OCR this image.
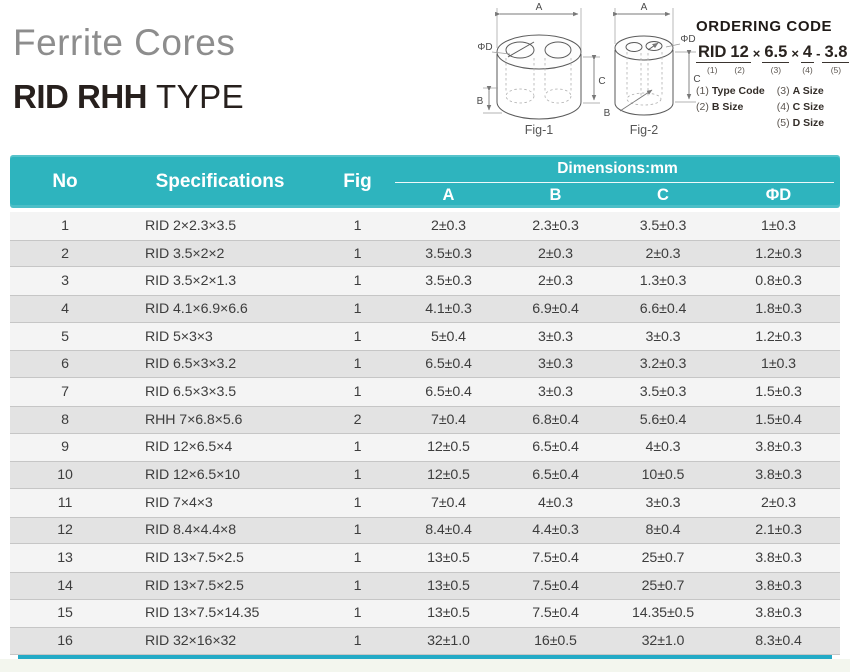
Ferrite Cores
RID RHH TYPE
A
ΦD
C
B
Fig-1
A
B
ΦD
C
Fig-2
ORDERING CODE
RID
(1)
12
(2)
× 6.5
(3)
× 4
(4)
- 3.8
(5)
(1) Type Code
(2) B Size
(3) A Size
(4) C Size
(5) D Size
No	Specifications	Fig
Dimensions:mm
A	B	C	ΦD
1	RID 2×2.3×3.5	1	2±0.3	2.3±0.3	3.5±0.3	1±0.3
2	RID 3.5×2×2	1	3.5±0.3	2±0.3	2±0.3	1.2±0.3
3	RID 3.5×2×1.3	1	3.5±0.3	2±0.3	1.3±0.3	0.8±0.3
4	RID 4.1×6.9×6.6	1	4.1±0.3	6.9±0.4	6.6±0.4	1.8±0.3
5	RID 5×3×3	1	5±0.4	3±0.3	3±0.3	1.2±0.3
6	RID 6.5×3×3.2	1	6.5±0.4	3±0.3	3.2±0.3	1±0.3
7	RID 6.5×3×3.5	1	6.5±0.4	3±0.3	3.5±0.3	1.5±0.3
8	RHH 7×6.8×5.6	2	7±0.4	6.8±0.4	5.6±0.4	1.5±0.4
9	RID 12×6.5×4	1	12±0.5	6.5±0.4	4±0.3	3.8±0.3
10	RID 12×6.5×10	1	12±0.5	6.5±0.4	10±0.5	3.8±0.3
11	RID 7×4×3	1	7±0.4	4±0.3	3±0.3	2±0.3
12	RID 8.4×4.4×8	1	8.4±0.4	4.4±0.3	8±0.4	2.1±0.3
13	RID 13×7.5×2.5	1	13±0.5	7.5±0.4	25±0.7	3.8±0.3
14	RID 13×7.5×2.5	1	13±0.5	7.5±0.4	25±0.7	3.8±0.3
15	RID 13×7.5×14.35	1	13±0.5	7.5±0.4	14.35±0.5	3.8±0.3
16	RID 32×16×32	1	32±1.0	16±0.5	32±1.0	8.3±0.4
